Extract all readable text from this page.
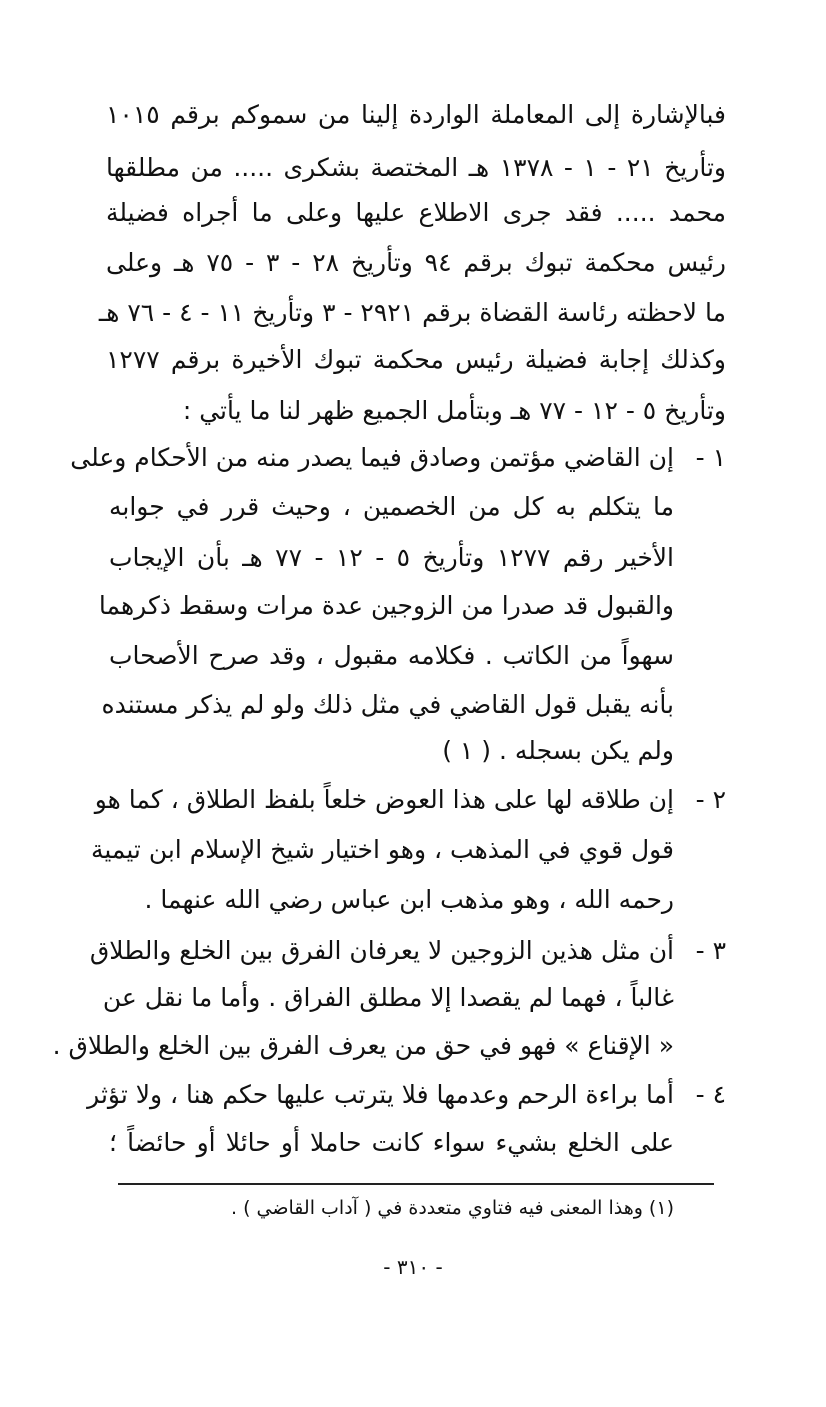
فبالإشارة إلى المعاملة الواردة إلينا من سموكم برقم ١٠١٥
وتأريخ ٢١ - ١ - ١٣٧٨ هـ المختصة بشكرى ..... من مطلقها
محمد ..... فقد جرى الاطلاع عليها وعلى ما أجراه فضيلة
رئيس محكمة تبوك برقم ٩٤ وتأريخ ٢٨ - ٣ - ٧٥ هـ وعلى
ما لاحظته رئاسة القضاة برقم ٢٩٢١ - ٣ وتأريخ ١١ - ٤ - ٧٦ هـ
وكذلك إجابة فضيلة رئيس محكمة تبوك الأخيرة برقم ١٢٧٧
وتأريخ ٥ - ١٢ - ٧٧ هـ وبتأمل الجميع ظهر لنا ما يأتي :
١ -
إن القاضي مؤتمن وصادق فيما يصدر منه من الأحكام وعلى
ما يتكلم به كل من الخصمين ، وحيث قرر في جوابه
الأخير رقم ١٢٧٧ وتأريخ ٥ - ١٢ - ٧٧ هـ بأن الإيجاب
والقبول قد صدرا من الزوجين عدة مرات وسقط ذكرهما
سهواً من الكاتب . فكلامه مقبول ، وقد صرح الأصحاب
بأنه يقبل قول القاضي في مثل ذلك ولو لم يذكر مستنده
ولم يكن بسجله . ( ١ )
٢ -
إن طلاقه لها على هذا العوض خلعاً بلفظ الطلاق ، كما هو
قول قوي في المذهب ، وهو اختيار شيخ الإسلام ابن تيمية
رحمه الله ، وهو مذهب ابن عباس رضي الله عنهما .
٣ -
أن مثل هذين الزوجين لا يعرفان الفرق بين الخلع والطلاق
غالباً ، فهما لم يقصدا إلا مطلق الفراق . وأما ما نقل عن
« الإقناع » فهو في حق من يعرف الفرق بين الخلع والطلاق .
٤ -
أما براءة الرحم وعدمها فلا يترتب عليها حكم هنا ، ولا تؤثر
على الخلع بشيء سواء كانت حاملا أو حائلا أو حائضاً ؛
(١) وهذا المعنى فيه فتاوي متعددة في ( آداب القاضي ) .
- ٣١٠ -
